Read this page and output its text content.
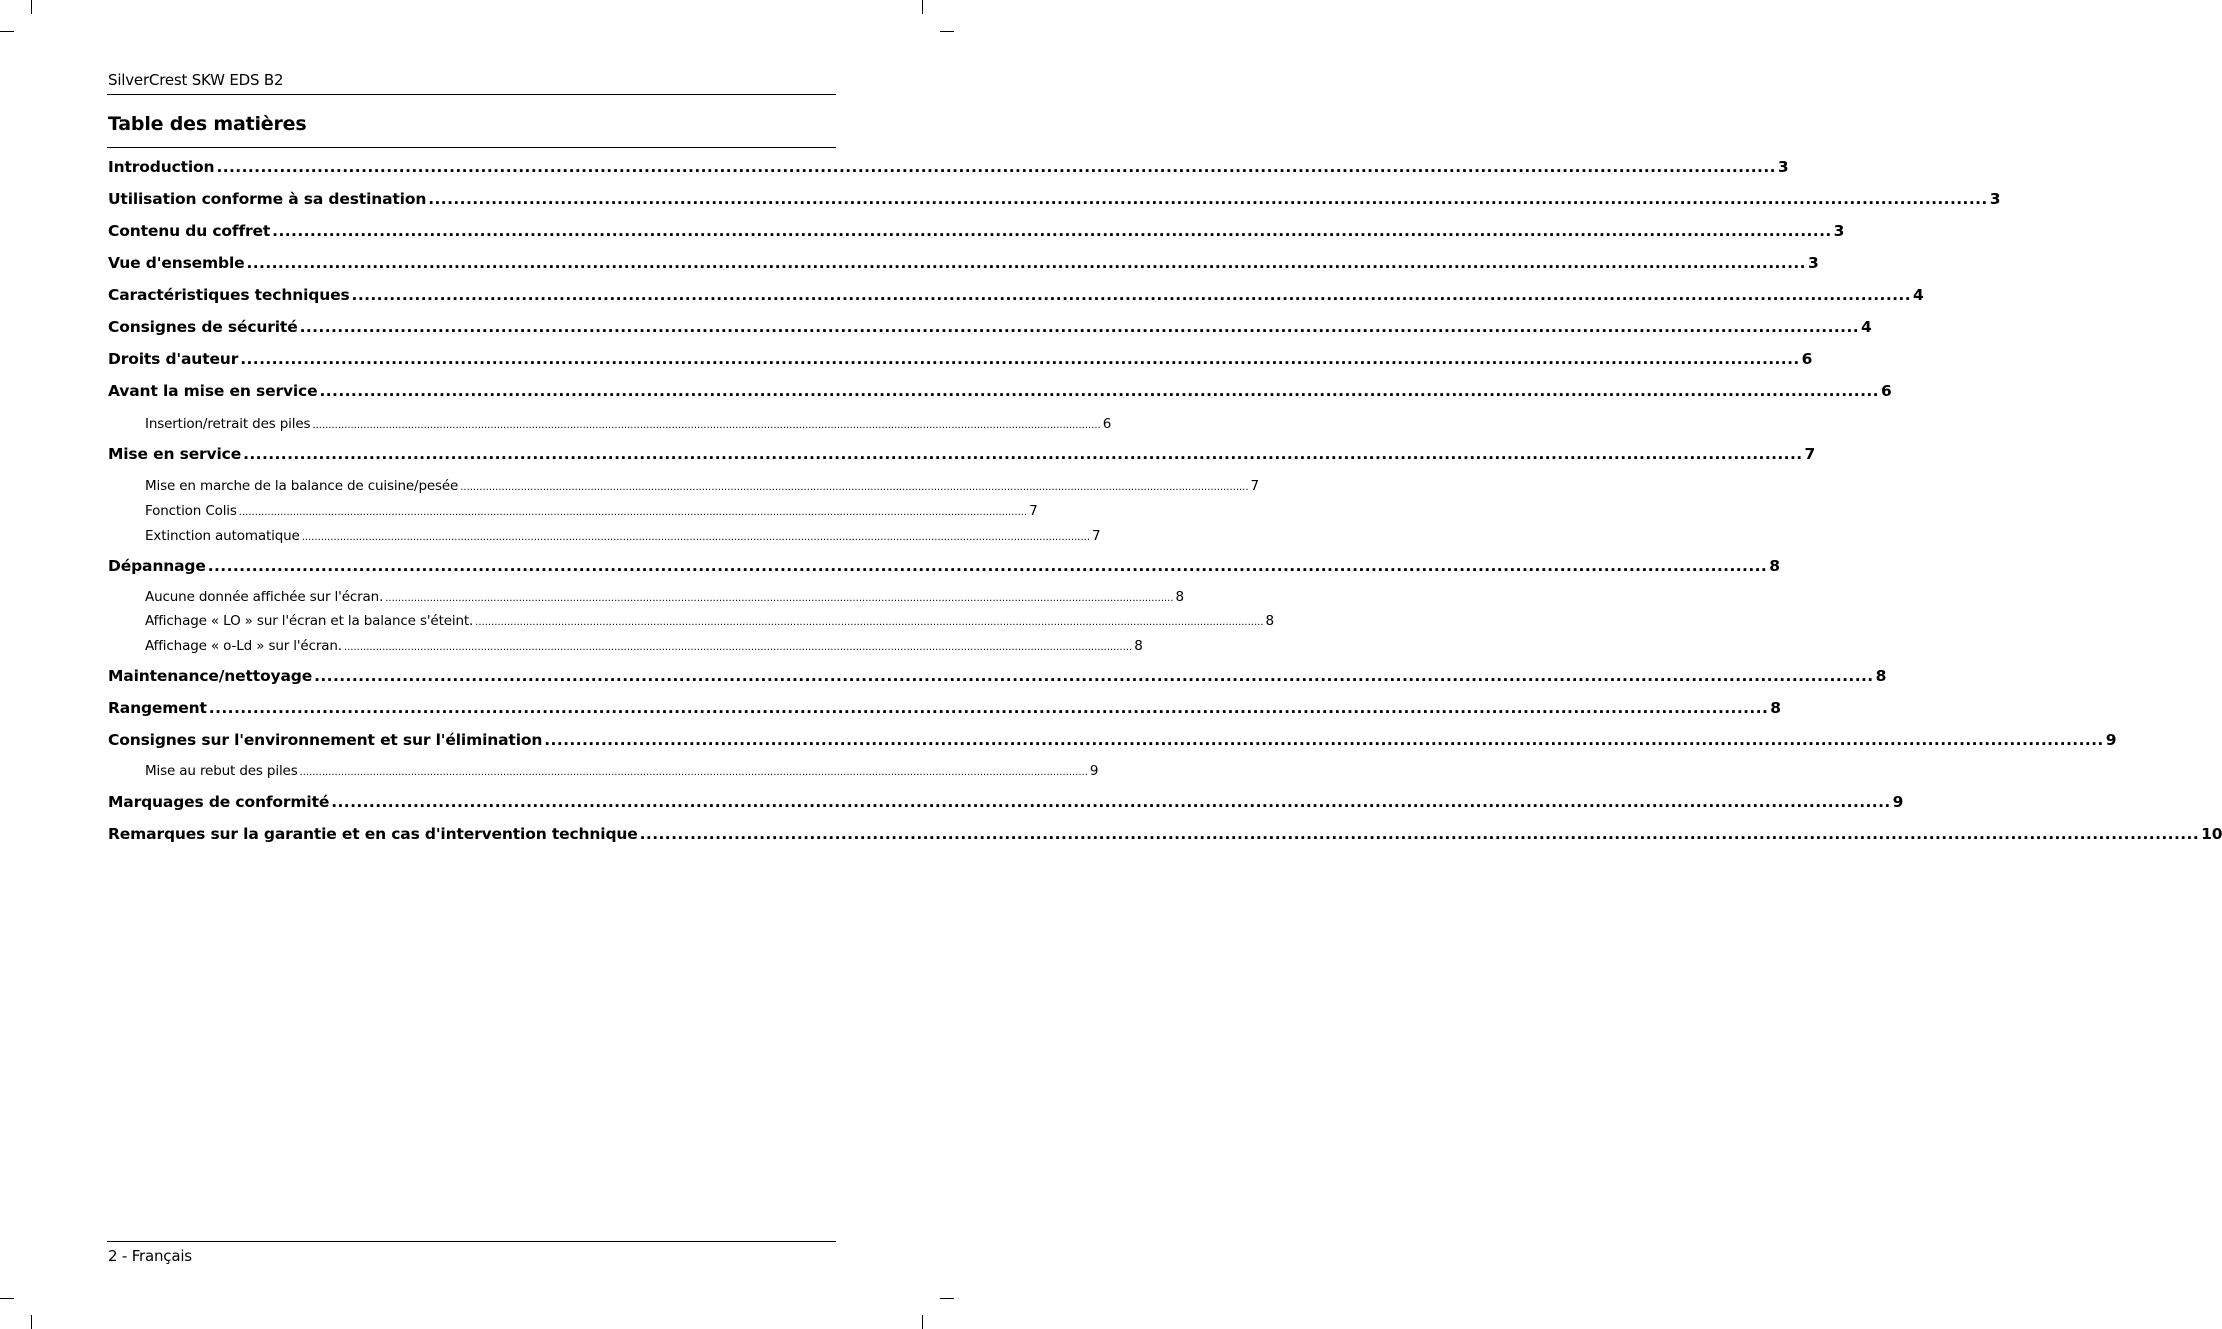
SilverCrest SKW EDS B2
Table des matières
Introduction ........................................................................................................................................................................................................................................................ 3
Utilisation conforme à sa destination ........................................................................................................................................................................................................................................................ 3
Contenu du coffret ........................................................................................................................................................................................................................................................ 3
Vue d'ensemble ........................................................................................................................................................................................................................................................ 3
Caractéristiques techniques ........................................................................................................................................................................................................................................................ 4
Consignes de sécurité ........................................................................................................................................................................................................................................................ 4
Droits d'auteur ........................................................................................................................................................................................................................................................ 6
Avant la mise en service ........................................................................................................................................................................................................................................................ 6
Insertion/retrait des piles ........................................................................................................................................................................................................................................................ 6
Mise en service ........................................................................................................................................................................................................................................................ 7
Mise en marche de la balance de cuisine/pesée ........................................................................................................................................................................................................................................................ 7
Fonction Colis ........................................................................................................................................................................................................................................................ 7
Extinction automatique ........................................................................................................................................................................................................................................................ 7
Dépannage ........................................................................................................................................................................................................................................................ 8
Aucune donnée affichée sur l'écran. ........................................................................................................................................................................................................................................................ 8
Affichage « LO » sur l'écran et la balance s'éteint. ........................................................................................................................................................................................................................................................ 8
Affichage « o-Ld » sur l'écran. ........................................................................................................................................................................................................................................................ 8
Maintenance/nettoyage ........................................................................................................................................................................................................................................................ 8
Rangement ........................................................................................................................................................................................................................................................ 8
Consignes sur l'environnement et sur l'élimination ........................................................................................................................................................................................................................................................ 9
Mise au rebut des piles ........................................................................................................................................................................................................................................................ 9
Marquages de conformité ........................................................................................................................................................................................................................................................ 9
Remarques sur la garantie et en cas d'intervention technique ........................................................................................................................................................................................................................................................ 10
2 - Français
